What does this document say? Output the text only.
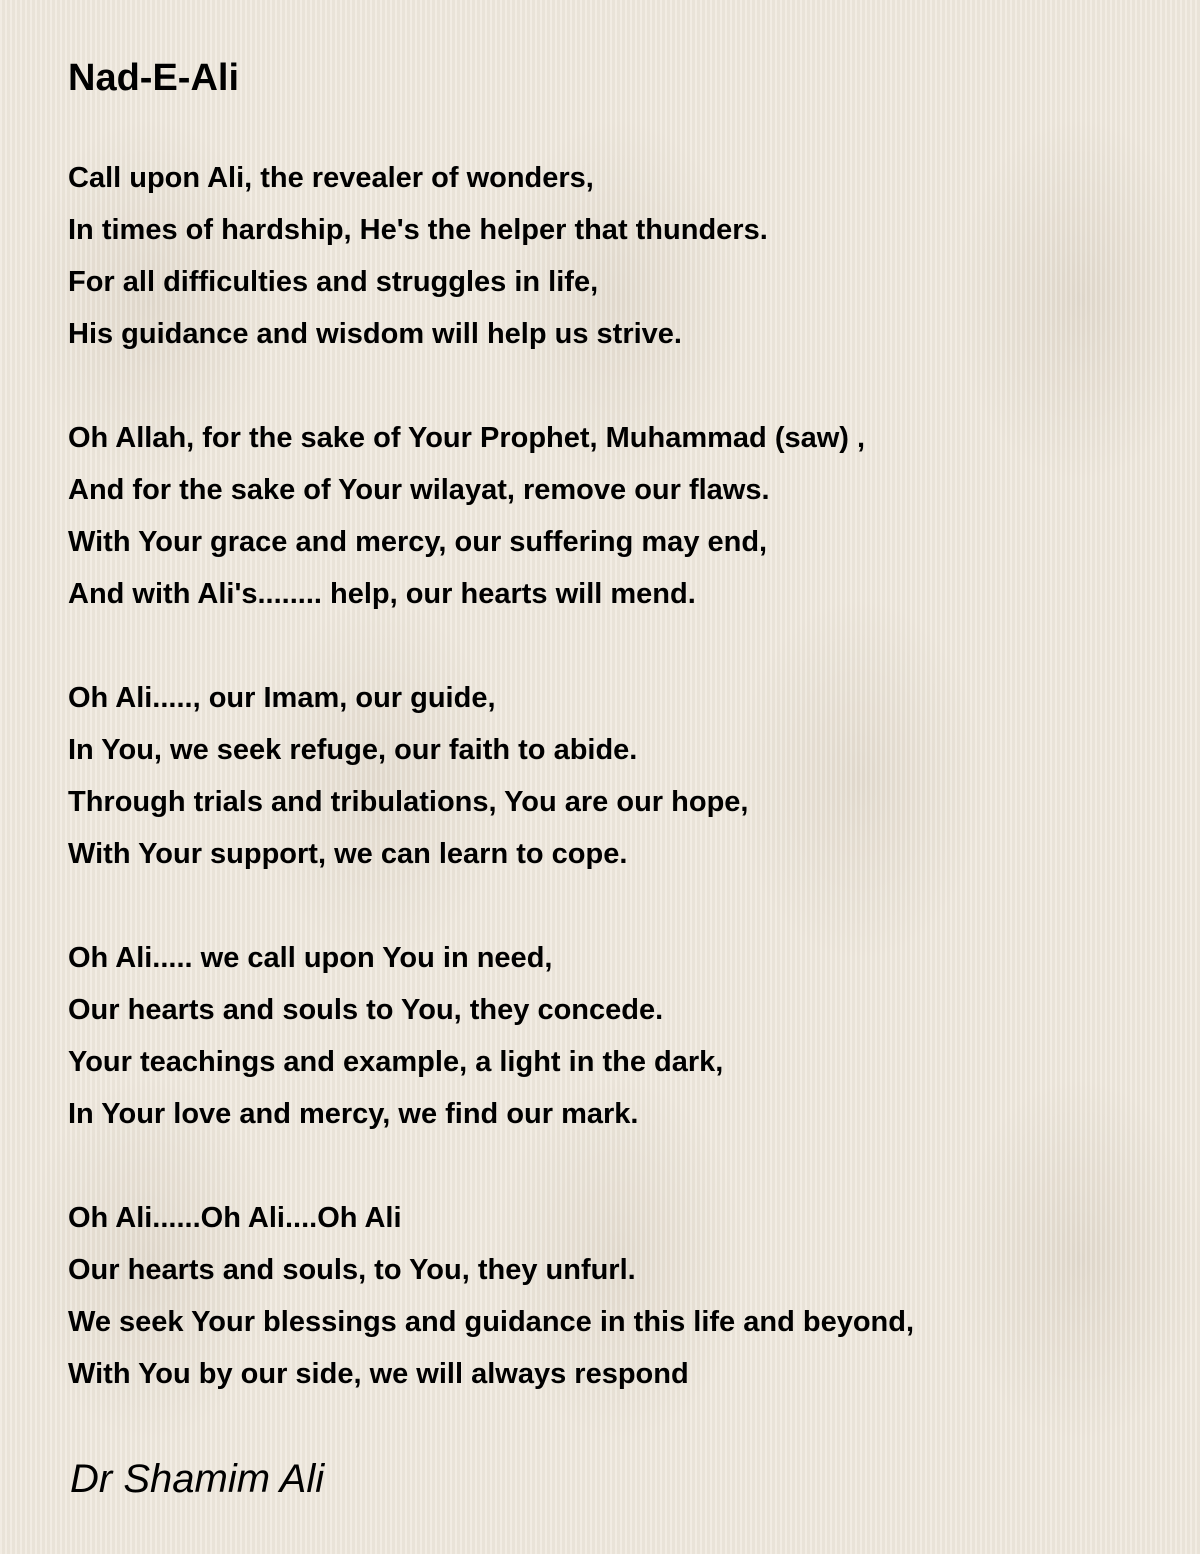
Nad-E-Ali
Call upon Ali, the revealer of wonders,
In times of hardship, He's the helper that thunders.
For all difficulties and struggles in life,
His guidance and wisdom will help us strive.
Oh Allah, for the sake of Your Prophet, Muhammad (saw) ,
And for the sake of Your wilayat, remove our flaws.
With Your grace and mercy, our suffering may end,
And with Ali's........ help, our hearts will mend.
Oh Ali....., our Imam, our guide,
In You, we seek refuge, our faith to abide.
Through trials and tribulations, You are our hope,
With Your support, we can learn to cope.
Oh Ali..... we call upon You in need,
Our hearts and souls to You, they concede.
Your teachings and example, a light in the dark,
In Your love and mercy, we find our mark.
Oh Ali......Oh Ali....Oh Ali
Our hearts and souls, to You, they unfurl.
We seek Your blessings and guidance in this life and beyond,
With You by our side, we will always respond
Dr Shamim Ali
